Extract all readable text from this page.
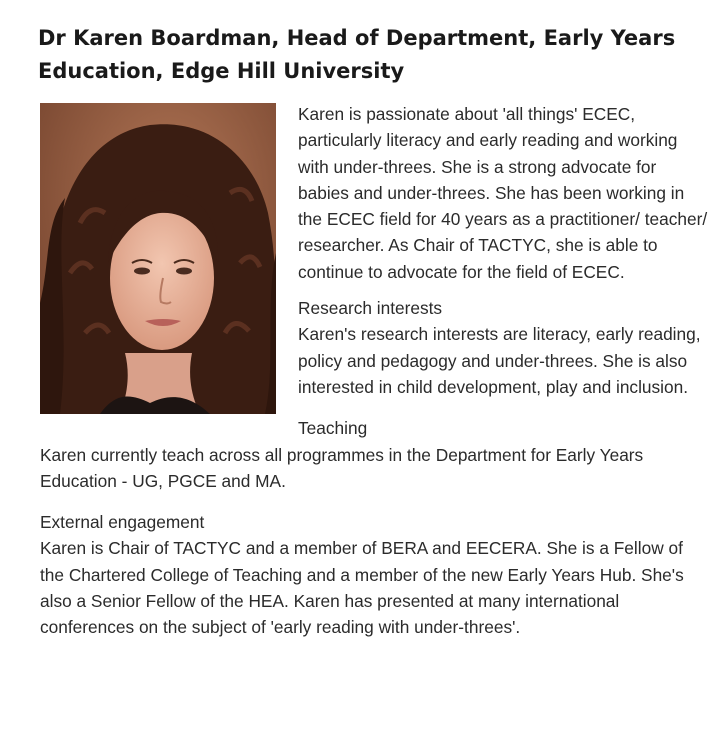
Dr Karen Boardman, Head of Department, Early Years Education, Edge Hill University

Karen is passionate about 'all things' ECEC, particularly literacy and early reading and working with under-threes. She is a strong advocate for babies and under-threes. She has been working in the ECEC field for 40 years as a practitioner/ teacher/ researcher. As Chair of TACTYC, she is able to continue to advocate for the field of ECEC.

Research interests

Karen's research interests are literacy, early reading, policy and pedagogy and under-threes. She is also interested in child development, play and inclusion.

Teaching

Karen currently teach across all programmes in the Department for Early Years Education - UG, PGCE and MA.

External engagement

Karen is Chair of TACTYC and a member of BERA and EECERA. She is a Fellow of the Chartered College of Teaching and a member of the new Early Years Hub. She's also a Senior Fellow of the HEA. Karen has presented at many international conferences on the subject of 'early reading with under-threes'.
